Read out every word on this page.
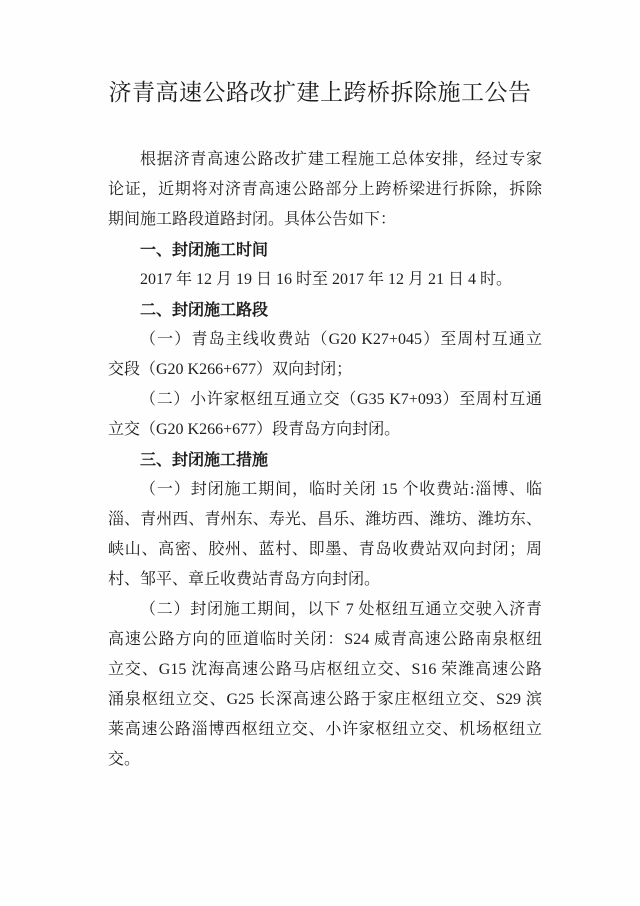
济青高速公路改扩建上跨桥拆除施工公告
根据济青高速公路改扩建工程施工总体安排，经过专家
论证，近期将对济青高速公路部分上跨桥梁进行拆除，拆除
期间施工路段道路封闭。具体公告如下：
一、封闭施工时间
2017 年 12 月 19 日 16 时至 2017 年 12 月 21 日 4 时。
二、封闭施工路段
（一）青岛主线收费站（G20 K27+045）至周村互通立
交段（G20 K266+677）双向封闭；
（二）小许家枢纽互通立交（G35 K7+093）至周村互通
立交（G20 K266+677）段青岛方向封闭。
三、封闭施工措施
（一）封闭施工期间，临时关闭 15 个收费站:淄博、临
淄、青州西、青州东、寿光、昌乐、潍坊西、潍坊、潍坊东、
峡山、高密、胶州、蓝村、即墨、青岛收费站双向封闭；周
村、邹平、章丘收费站青岛方向封闭。
（二）封闭施工期间，以下 7 处枢纽互通立交驶入济青
高速公路方向的匝道临时关闭：S24 威青高速公路南泉枢纽
立交、G15 沈海高速公路马店枢纽立交、S16 荣潍高速公路
涌泉枢纽立交、G25 长深高速公路于家庄枢纽立交、S29 滨
莱高速公路淄博西枢纽立交、小许家枢纽立交、机场枢纽立
交。
